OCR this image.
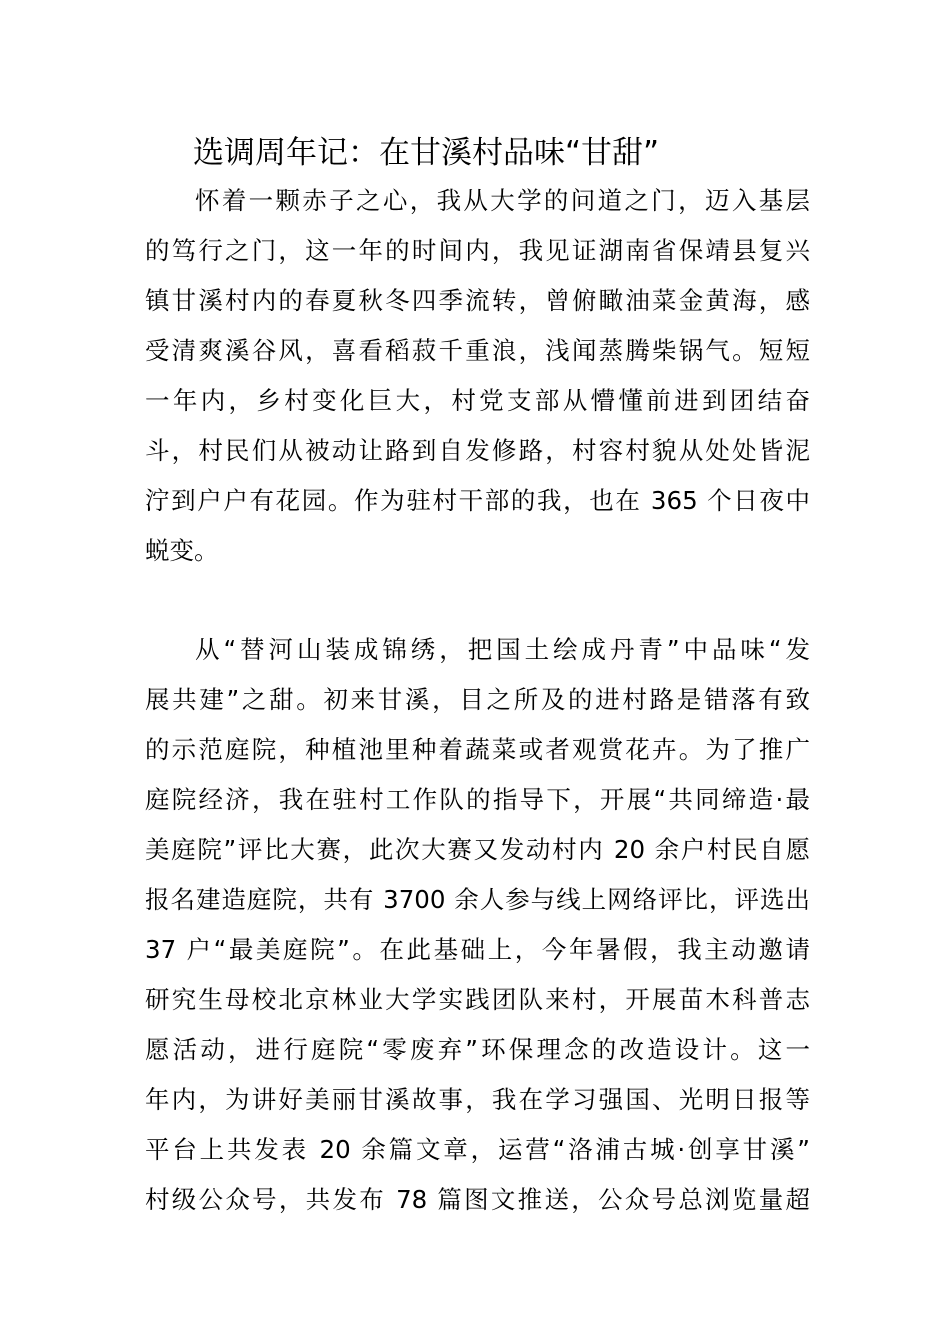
选调周年记：在甘溪村品味“甘甜”
怀着一颗赤子之心，我从大学的问道之门，迈入基层
的笃行之门，这一年的时间内，我见证湖南省保靖县复兴
镇甘溪村内的春夏秋冬四季流转，曾俯瞰油菜金黄海，感
受清爽溪谷风，喜看稻菽千重浪，浅闻蒸腾柴锅气。短短
一年内，乡村变化巨大，村党支部从懵懂前进到团结奋
斗，村民们从被动让路到自发修路，村容村貌从处处皆泥
泞到户户有花园。作为驻村干部的我，也在 365 个日夜中
蜕变。
从“替河山装成锦绣，把国土绘成丹青”中品味“发
展共建”之甜。初来甘溪，目之所及的进村路是错落有致
的示范庭院，种植池里种着蔬菜或者观赏花卉。为了推广
庭院经济，我在驻村工作队的指导下，开展“共同缔造·最
美庭院”评比大赛，此次大赛又发动村内 20 余户村民自愿
报名建造庭院，共有 3700 余人参与线上网络评比，评选出
37 户“最美庭院”。在此基础上，今年暑假，我主动邀请
研究生母校北京林业大学实践团队来村，开展苗木科普志
愿活动，进行庭院“零废弃”环保理念的改造设计。这一
年内，为讲好美丽甘溪故事，我在学习强国、光明日报等
平台上共发表 20 余篇文章，运营“洛浦古城·创享甘溪”
村级公众号，共发布 78 篇图文推送，公众号总浏览量超
